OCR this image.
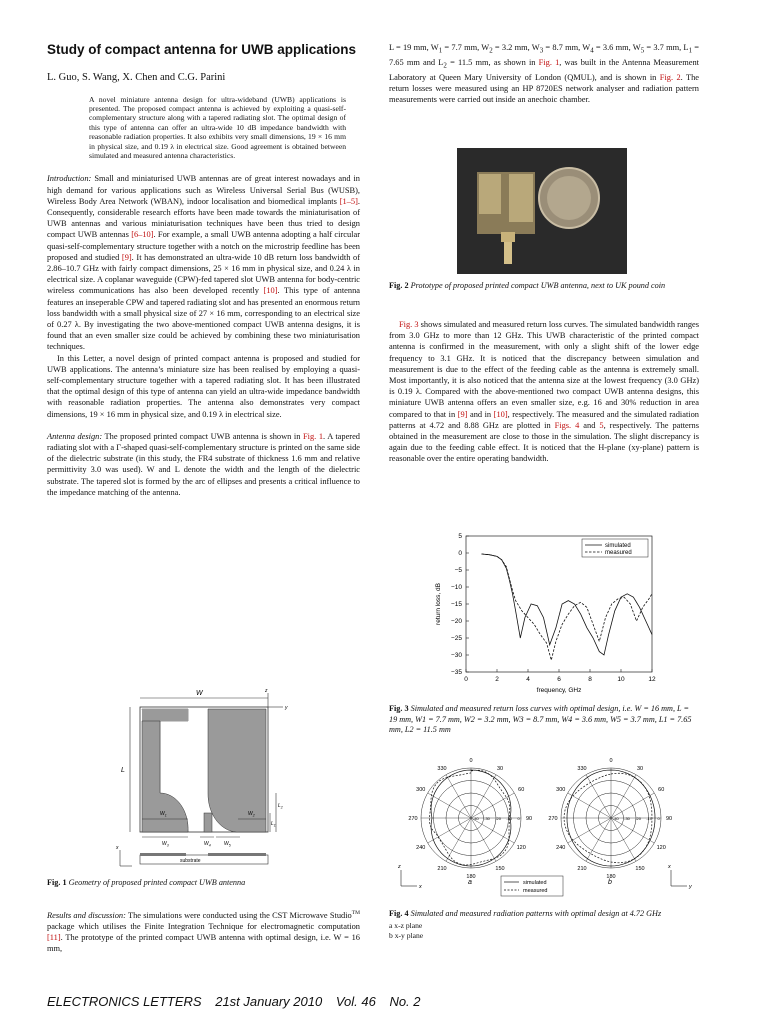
Study of compact antenna for UWB applications
L. Guo, S. Wang, X. Chen and C.G. Parini
A novel miniature antenna design for ultra-wideband (UWB) applications is presented. The proposed compact antenna is achieved by exploiting a quasi-self-complementary structure along with a tapered radiating slot. The optimal design of this type of antenna can offer an ultra-wide 10 dB impedance bandwidth with reasonable radiation properties. It also exhibits very small dimensions, 19 × 16 mm in physical size, and 0.19 λ in electrical size. Good agreement is obtained between simulated and measured antenna characteristics.

Introduction: Small and miniaturised UWB antennas are of great interest nowadays and in high demand for various applications such as Wireless Universal Serial Bus (WUSB), Wireless Body Area Network (WBAN), indoor localisation and biomedical implants [1–5]. Consequently, considerable research efforts have been made towards the miniaturisation of UWB antennas and various miniaturisation techniques have been thus tried to design compact UWB antennas [6–10]. For example, a small UWB antenna adopting a half circular quasi-self-complementary structure together with a notch on the microstrip feedline has been proposed and studied [9]. It has demonstrated an ultra-wide 10 dB return loss bandwidth of 2.86–10.7 GHz with fairly compact dimensions, 25 × 16 mm in physical size, and 0.24 λ in electrical size. A coplanar waveguide (CPW)-fed tapered slot UWB antenna for body-centric wireless communications has also been developed recently [10]. This type of antenna features an inseperable CPW and tapered radiating slot and has presented an enormous return loss bandwidth with a small physical size of 27 × 16 mm, corresponding to an electrical size of 0.27 λ. By investigating the two above-mentioned compact UWB antenna designs, it is found that an even smaller size could be achieved by combining these two miniaturisation techniques.

In this Letter, a novel design of printed compact antenna is proposed and studied for UWB applications. The antenna’s miniature size has been realised by employing a quasi-self-complementary structure together with a tapered radiating slot. It has been illustrated that the optimal design of this type of antenna can yield an ultra-wide impedance bandwidth with reasonable radiation properties. The antenna also demonstrates very compact dimensions, 19 × 16 mm in physical size, and 0.19 λ in electrical size.

Antenna design: The proposed printed compact UWB antenna is shown in Fig. 1. A tapered radiating slot with a Γ-shaped quasi-self-complementary structure is printed on the same side of the dielectric substrate (in this study, the FR4 substrate of thickness 1.6 mm and relative permittivity 3.0 was used). W and L denote the width and the length of the dielectric substrate. The tapered slot is formed by the arc of ellipses and presents a critical influence to the impedance matching of the antenna.

W	z
y
L
$L_2$
$L_1$
$W_1$	$W_2$
$W_3$	$W_4$	$W_5$
x
substrate
Fig. 1 Geometry of proposed printed compact UWB antenna

Results and discussion: The simulations were conducted using the CST Microwave Studio™ package which utilises the Finite Integration Technique for electromagnetic computation [11]. The prototype of the printed compact UWB antenna with optimal design, i.e. W = 16 mm,

L = 19 mm, $W_1 = 7.7$ mm, $W_2 = 3.2$ mm, $W_3 = 8.7$ mm, $W_4 = 3.6$ mm, $W_5 = 3.7$ mm, $L_1 = 7.65$ mm and $L_2 = 11.5$ mm, as shown in Fig. 1, was built in the Antenna Measurement Laboratory at Queen Mary University of London (QMUL), and is shown in Fig. 2. The return losses were measured using an HP 8720ES network analyser and radiation pattern measurements were carried out inside an anechoic chamber.

Fig. 2 Prototype of proposed printed compact UWB antenna, next to UK pound coin

Fig. 3 shows simulated and measured return loss curves. The simulated bandwidth ranges from 3.0 GHz to more than 12 GHz. This UWB characteristic of the printed compact antenna is confirmed in the measurement, with only a slight shift of the lower edge frequency to 3.1 GHz. It is noticed that the discrepancy between simulation and measurement is due to the effect of the feeding cable as the antenna is extremely small. Most importantly, it is also noticed that the antenna size at the lowest frequency (3.0 GHz) is 0.19 λ. Compared with the above-mentioned two compact UWB antenna designs, this miniature UWB antenna offers an even smaller size, e.g. 16 and 30% reduction in area compared to that in [9] and in [10], respectively. The measured and the simulated radiation patterns at 4.72 and 8.88 GHz are plotted in Figs. 4 and 5, respectively. The patterns obtained in the measurement are close to those in the simulation. The slight discrepancy is again due to the feeding cable effect. It is noticed that the H-plane (xy-plane) pattern is reasonable over the entire operating bandwidth.

0	2	4	6	8	10	12
5
0
−5
−10
−15
−20
−25
−30
−35
frequency, GHz
return loss, dB
simulated
measured
Fig. 3 Simulated and measured return loss curves with optimal design, i.e. W = 16 mm, L = 19 mm, W1 = 7.7 mm, W2 = 3.2 mm, W3 = 8.7 mm, W4 = 3.6 mm, W5 = 3.7 mm, L1 = 7.65 mm, L2 = 11.5 mm
0
30
60
90
120
150
180
210
240
270
300
330
-40 -30 -20 -10 0
a
0
30
60
90
120
150
180
210
240
270
300
330
-40 -30 -20 -10 0
b
z
x
x
y
simulated
measured
Fig. 4 Simulated and measured radiation patterns with optimal design at 4.72 GHz
a x-z plane
b x-y plane
ELECTRONICS LETTERS 21st January 2010 Vol. 46 No. 2
